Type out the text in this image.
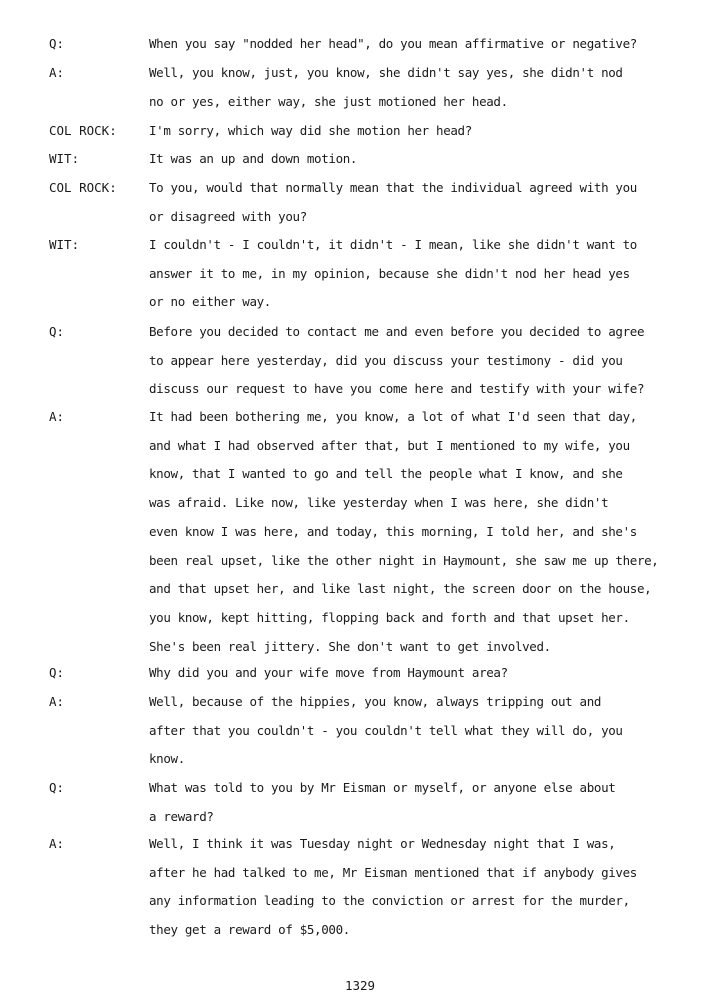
Q:	When you say "nodded her head", do you mean affirmative or negative?
A:	Well, you know, just, you know, she didn't say yes, she didn't nod
no or yes, either way, she just motioned her head.
COL ROCK:	I'm sorry, which way did she motion her head?
WIT:	It was an up and down motion.
COL ROCK:	To you, would that normally mean that the individual agreed with you
or disagreed with you?
WIT:	I couldn't - I couldn't, it didn't - I mean, like she didn't want to
answer it to me, in my opinion, because she didn't nod her head yes
or no either way.
Q:	Before you decided to contact me and even before you decided to agree
to appear here yesterday, did you discuss your testimony - did you
discuss our request to have you come here and testify with your wife?
A:	It had been bothering me, you know, a lot of what I'd seen that day,
and what I had observed after that, but I mentioned to my wife, you
know, that I wanted to go and tell the people what I know, and she
was afraid. Like now, like yesterday when I was here, she didn't
even know I was here, and today, this morning, I told her, and she's
been real upset, like the other night in Haymount, she saw me up there,
and that upset her, and like last night, the screen door on the house,
you know, kept hitting, flopping back and forth and that upset her.
She's been real jittery. She don't want to get involved.
Q:	Why did you and your wife move from Haymount area?
A:	Well, because of the hippies, you know, always tripping out and
after that you couldn't - you couldn't tell what they will do, you
know.
Q:	What was told to you by Mr Eisman or myself, or anyone else about
a reward?
A:	Well, I think it was Tuesday night or Wednesday night that I was,
after he had talked to me, Mr Eisman mentioned that if anybody gives
any information leading to the conviction or arrest for the murder,
they get a reward of $5,000.
1329
